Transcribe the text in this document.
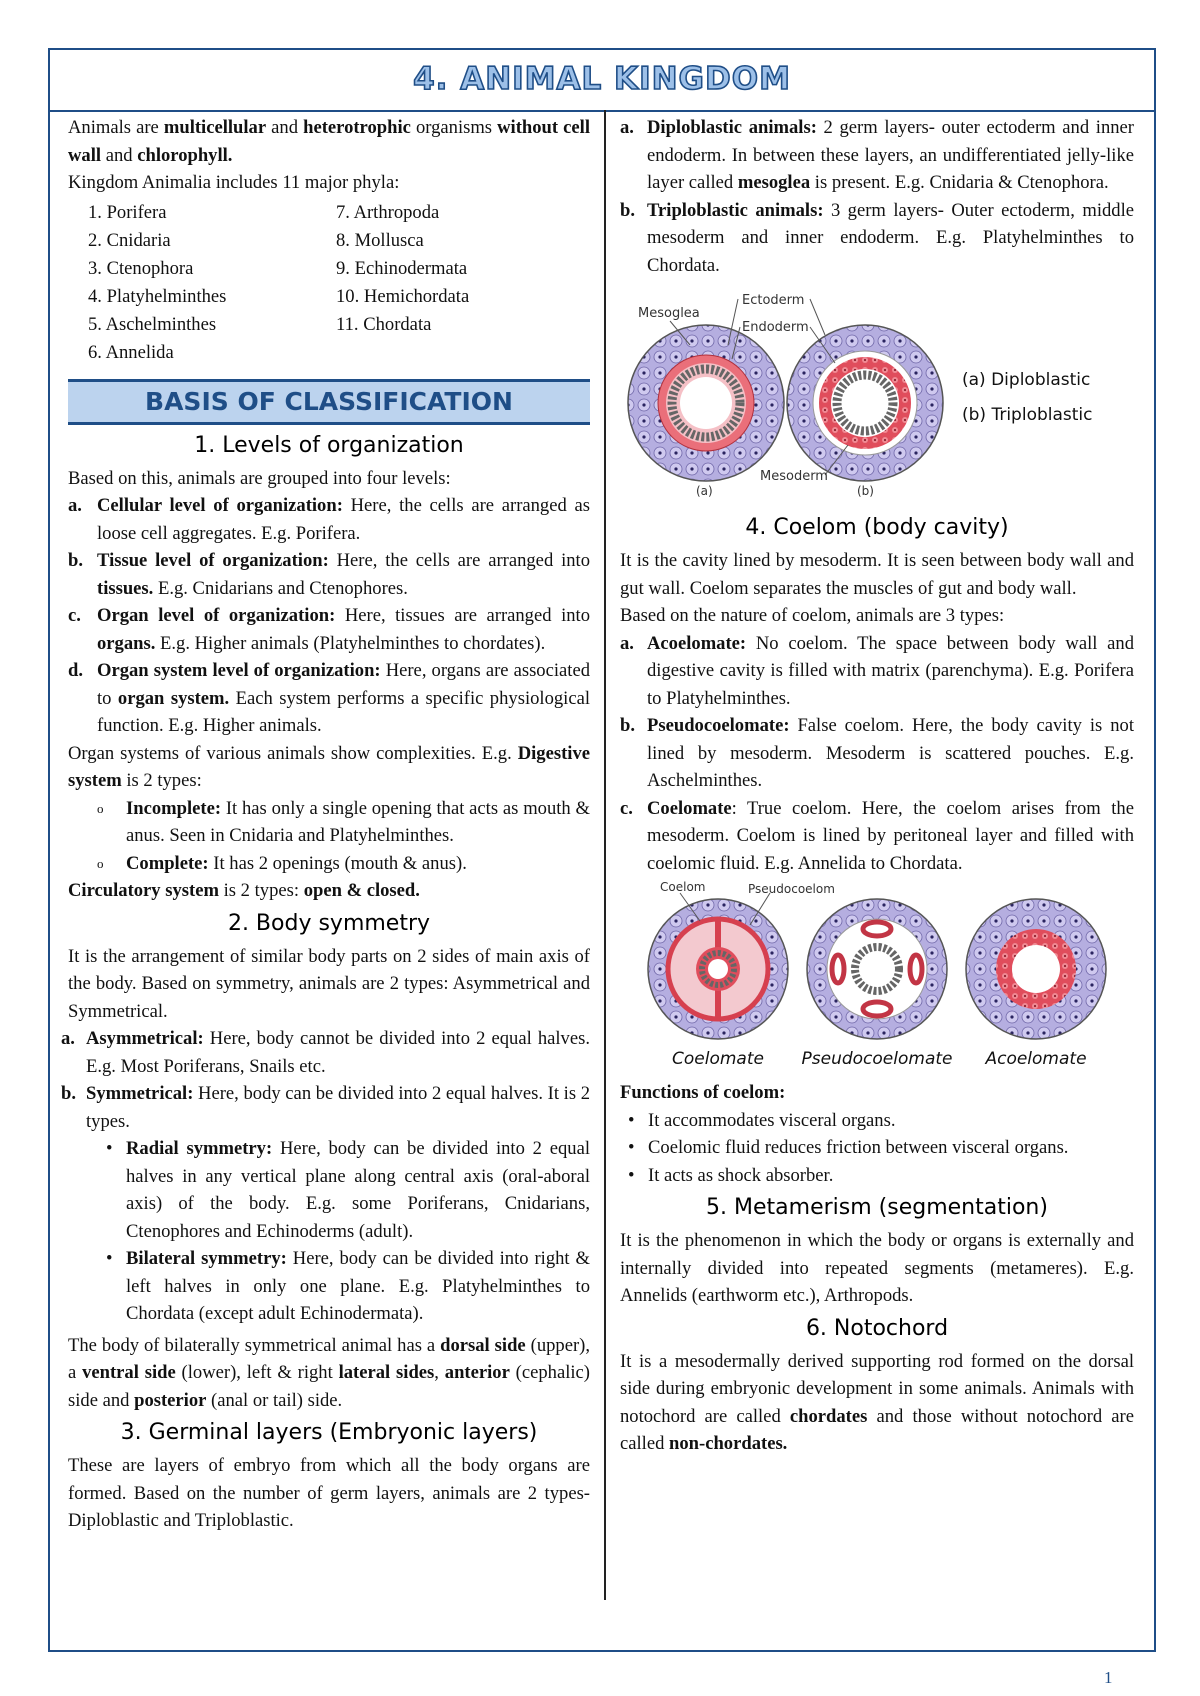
4. ANIMAL KINGDOM

Animals are multicellular and heterotrophic organisms without cell wall and chlorophyll.

Kingdom Animalia includes 11 major phyla:

1. Porifera
2. Cnidaria
3. Ctenophora
4. Platyhelminthes
5. Aschelminthes
6. Annelida
7. Arthropoda
8. Mollusca
9. Echinodermata
10. Hemichordata
11. Chordata
BASIS OF CLASSIFICATION
1. Levels of organization

Based on this, animals are grouped into four levels:

a. Cellular level of organization: Here, the cells are arranged as loose cell aggregates. E.g. Porifera.
b. Tissue level of organization: Here, the cells are arranged into tissues. E.g. Cnidarians and Ctenophores.
c. Organ level of organization: Here, tissues are arranged into organs. E.g. Higher animals (Platyhelminthes to chordates).
d. Organ system level of organization: Here, organs are associated to organ system. Each system performs a specific physiological function. E.g. Higher animals.

Organ systems of various animals show complexities. E.g. Digestive system is 2 types:

o	Incomplete: It has only a single opening that acts as mouth & anus. Seen in Cnidaria and Platyhelminthes.
o	Complete: It has 2 openings (mouth & anus).

Circulatory system is 2 types: open & closed.

2. Body symmetry

It is the arrangement of similar body parts on 2 sides of main axis of the body. Based on symmetry, animals are 2 types: Asymmetrical and Symmetrical.

a. Asymmetrical: Here, body cannot be divided into 2 equal halves. E.g. Most Poriferans, Snails etc.
b. Symmetrical: Here, body can be divided into 2 equal halves. It is 2 types.
• Radial symmetry: Here, body can be divided into 2 equal halves in any vertical plane along central axis (oral-aboral axis) of the body. E.g. some Poriferans, Cnidarians, Ctenophores and Echinoderms (adult).
• Bilateral symmetry: Here, body can be divided into right & left halves in only one plane. E.g. Platyhelminthes to Chordata (except adult Echinodermata).

The body of bilaterally symmetrical animal has a dorsal side (upper), a ventral side (lower), left & right lateral sides, anterior (cephalic) side and posterior (anal or tail) side.

3. Germinal layers (Embryonic layers)

These are layers of embryo from which all the body organs are formed. Based on the number of germ layers, animals are 2 types- Diploblastic and Triploblastic.

a. Diploblastic animals: 2 germ layers- outer ectoderm and inner endoderm. In between these layers, an undifferentiated jelly-like layer called mesoglea is present. E.g. Cnidaria & Ctenophora.
b. Triploblastic animals: 3 germ layers- Outer ectoderm, middle mesoderm and inner endoderm. E.g. Platyhelminthes to Chordata.
Mesoglea
Ectoderm
Endoderm
Mesoderm
(a)	(b)
(a) Diploblastic
(b) Triploblastic
4. Coelom (body cavity)

It is the cavity lined by mesoderm. It is seen between body wall and gut wall. Coelom separates the muscles of gut and body wall.

Based on the nature of coelom, animals are 3 types:

a. Acoelomate: No coelom. The space between body wall and digestive cavity is filled with matrix (parenchyma). E.g. Porifera to Platyhelminthes.
b. Pseudocoelomate: False coelom. Here, the body cavity is not lined by mesoderm. Mesoderm is scattered pouches. E.g. Aschelminthes.
c. Coelomate: True coelom. Here, the coelom arises from the mesoderm. Coelom is lined by peritoneal layer and filled with coelomic fluid. E.g. Annelida to Chordata.
Coelom	Pseudocoelom
Coelomate Pseudocoelomate Acoelomate

Functions of coelom:

• It accommodates visceral organs.
• Coelomic fluid reduces friction between visceral organs.
• It acts as shock absorber.
5. Metamerism (segmentation)

It is the phenomenon in which the body or organs is externally and internally divided into repeated segments (metameres). E.g. Annelids (earthworm etc.), Arthropods.

6. Notochord

It is a mesodermally derived supporting rod formed on the dorsal side during embryonic development in some animals. Animals with notochord are called chordates and those without notochord are called non-chordates.

1
